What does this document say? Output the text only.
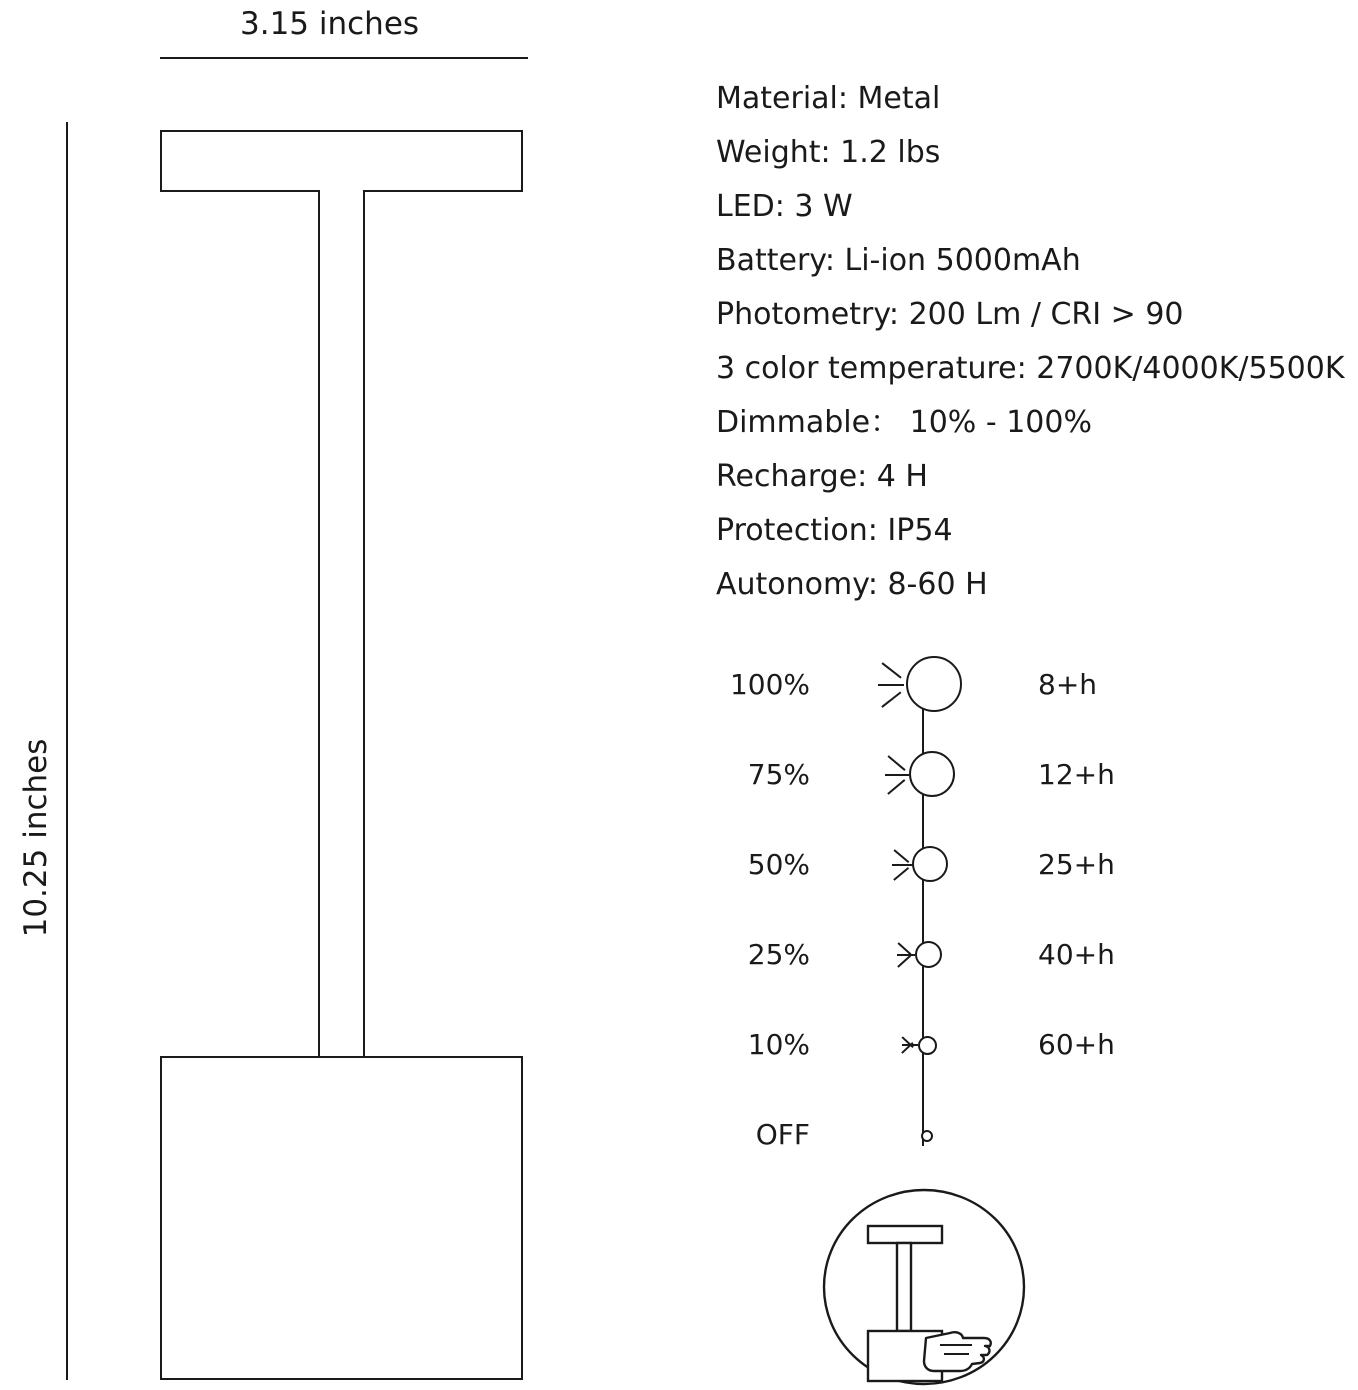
3.15 inches
10.25 inches
Material: Metal
Weight: 1.2 lbs
LED: 3 W
Battery: Li-ion 5000mAh
Photometry: 200 Lm / CRI > 90
3 color temperature: 2700K/4000K/5500K
Dimmable： 10% - 100%
Recharge: 4 H
Protection: IP54
Autonomy: 8-60 H
100%	8+h
75%	12+h
50%	25+h
25%	40+h
10%	60+h
OFF
